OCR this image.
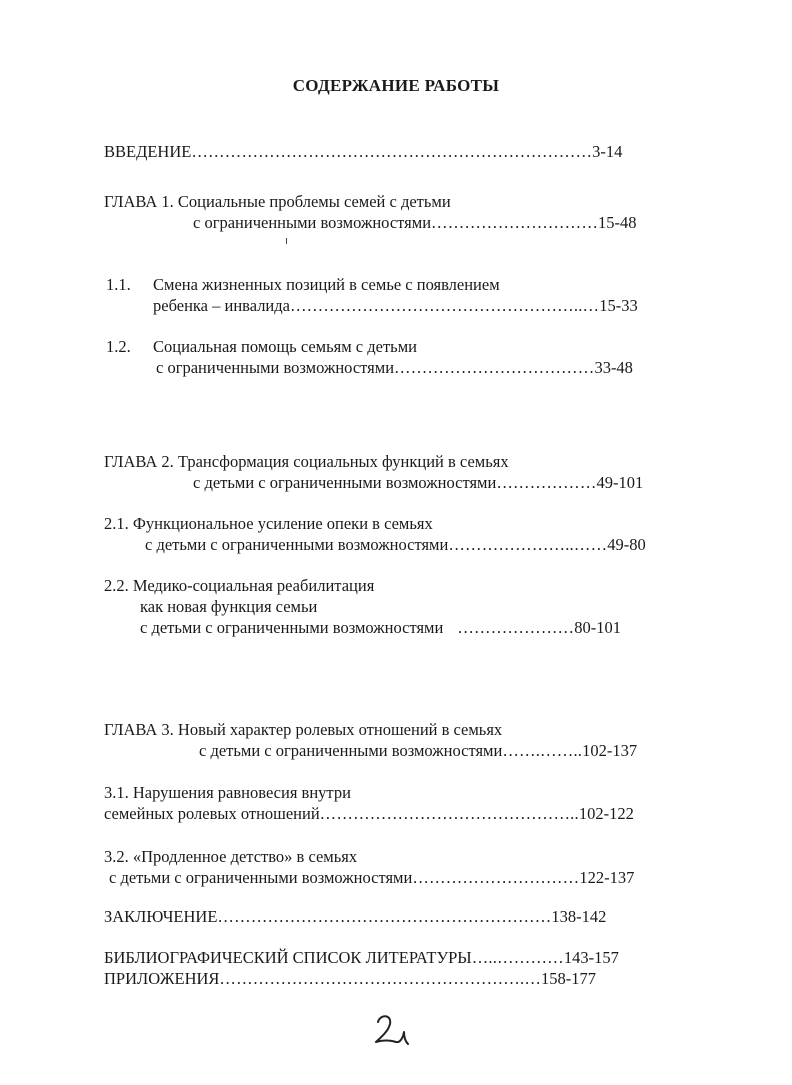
СОДЕРЖАНИЕ РАБОТЫ
ВВЕДЕНИЕ………………………………………………………………3-14
ГЛАВА 1. Социальные проблемы семей с детьми
с ограниченными возможностями…………………………15-48
1.1. Смена жизненных позиций в семье с появлением
ребенка – инвалида……………………………………………..…15-33
1.2. Социальная помощь семьям с детьми
с ограниченными возможностями………………………………33-48
ГЛАВА 2. Трансформация социальных функций в семьях
с детьми с ограниченными возможностями………………49-101
2.1. Функциональное усиление опеки в семьях
с детьми с ограниченными возможностями…………………..……49-80
2.2. Медико-социальная реабилитация
как новая функция семьи
с детьми с ограниченными возможностями …………………80-101
ГЛАВА 3. Новый характер ролевых отношений в семьях
с детьми с ограниченными возможностями…….……..102-137
3.1. Нарушения равновесия внутри
семейных ролевых отношений………………………………………..102-122
3.2. «Продленное детство» в семьях
с детьми с ограниченными возможностями…………………………122-137
ЗАКЛЮЧЕНИЕ……………………………………………………138-142
БИБЛИОГРАФИЧЕСКИЙ СПИСОК ЛИТЕРАТУРЫ…..…………143-157
ПРИЛОЖЕНИЯ……………………………………………….…158-177
